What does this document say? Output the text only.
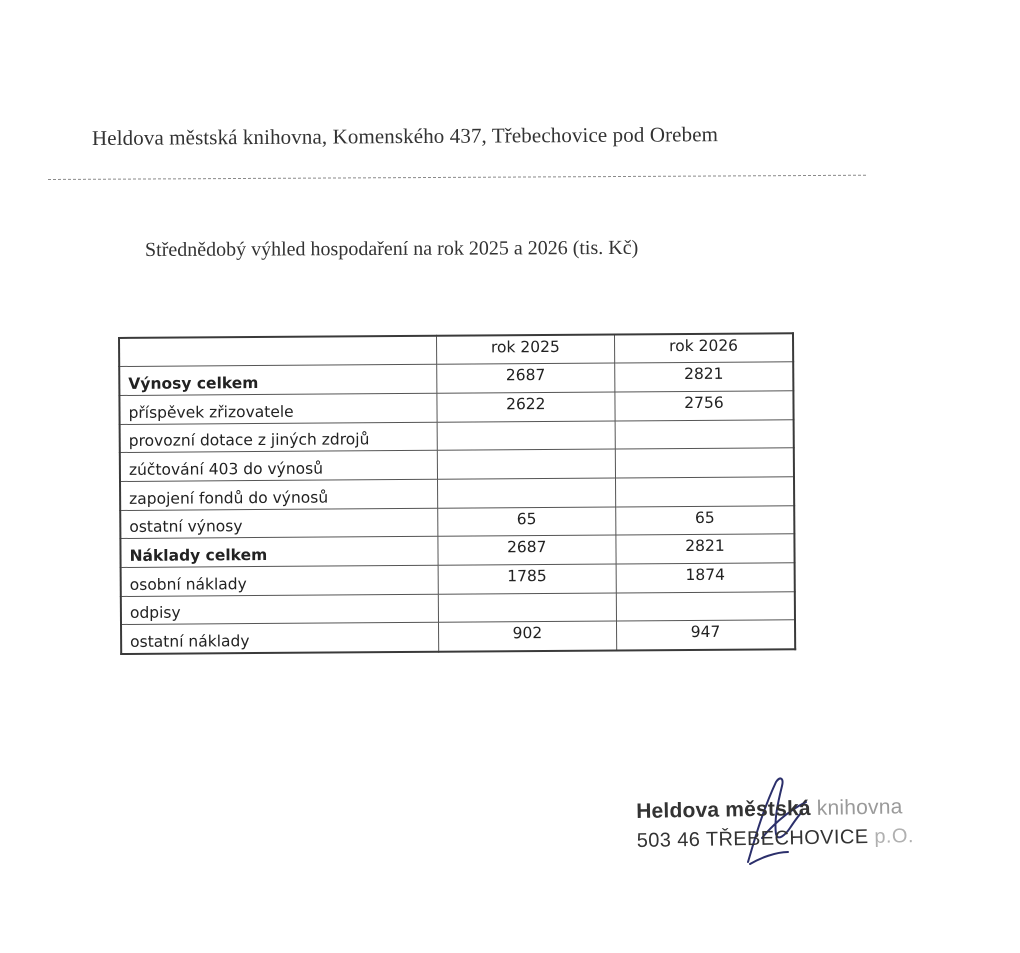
Heldova městská knihovna, Komenského 437, Třebechovice pod Orebem
Střednědobý výhled hospodaření na rok 2025 a 2026 (tis. Kč)
	rok 2025	rok 2026
Výnosy celkem	2687	2821
příspěvek zřizovatele	2622	2756
provozní dotace z jiných zdrojů		
zúčtování 403 do výnosů		
zapojení fondů do výnosů		
ostatní výnosy	65	65
Náklady celkem	2687	2821
osobní náklady	1785	1874
odpisy		
ostatní náklady	902	947
Heldova městská knihovna
503 46 TŘEBECHOVICE p.O.
